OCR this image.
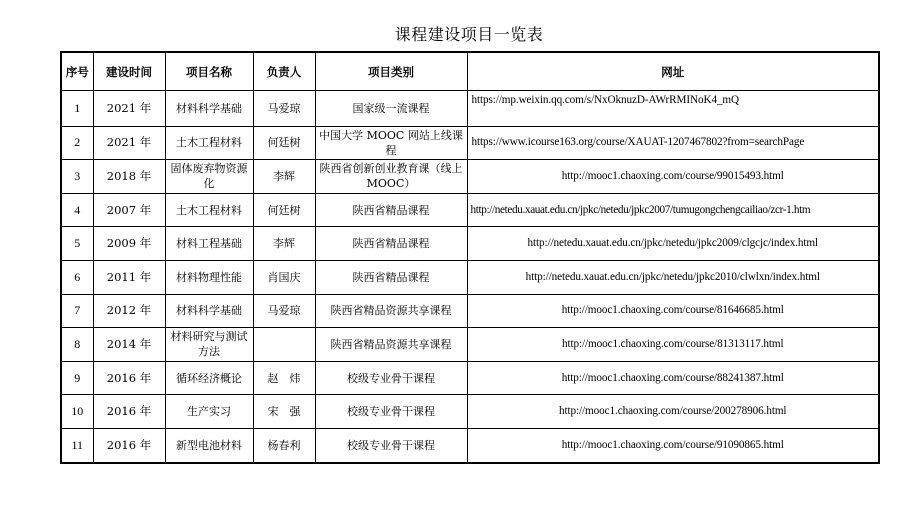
课程建设项目一览表
序号	建设时间	项目名称	负责人	项目类别	网址
1	2021 年	材料科学基础	马爱琼	国家级一流课程	https://mp.weixin.qq.com/s/NxOknuzD-AWrRMINoK4_mQ
2	2021 年	土木工程材料	何廷树	中国大学 MOOC 网站上线课程	https://www.icourse163.org/course/XAUAT-1207467802?from=searchPage
3	2018 年	固体废弃物资源化	李辉	陕西省创新创业教育课（线上 MOOC）	http://mooc1.chaoxing.com/course/99015493.html
4	2007 年	土木工程材料	何廷树	陕西省精品课程	http://netedu.xauat.edu.cn/jpkc/netedu/jpkc2007/tumugongchengcailiao/zcr-1.htm
5	2009 年	材料工程基础	李辉	陕西省精品课程	http://netedu.xauat.edu.cn/jpkc/netedu/jpkc2009/clgcjc/index.html
6	2011 年	材料物理性能	肖国庆	陕西省精品课程	http://netedu.xauat.edu.cn/jpkc/netedu/jpkc2010/clwlxn/index.html
7	2012 年	材料科学基础	马爱琼	陕西省精品资源共享课程	http://mooc1.chaoxing.com/course/81646685.html
8	2014 年	材料研究与测试方法		陕西省精品资源共享课程	http://mooc1.chaoxing.com/course/81313117.html
9	2016 年	循环经济概论	赵　炜	校级专业骨干课程	http://mooc1.chaoxing.com/course/88241387.html
10	2016 年	生产实习	宋　强	校级专业骨干课程	http://mooc1.chaoxing.com/course/200278906.html
11	2016 年	新型电池材料	杨春利	校级专业骨干课程	http://mooc1.chaoxing.com/course/91090865.html
